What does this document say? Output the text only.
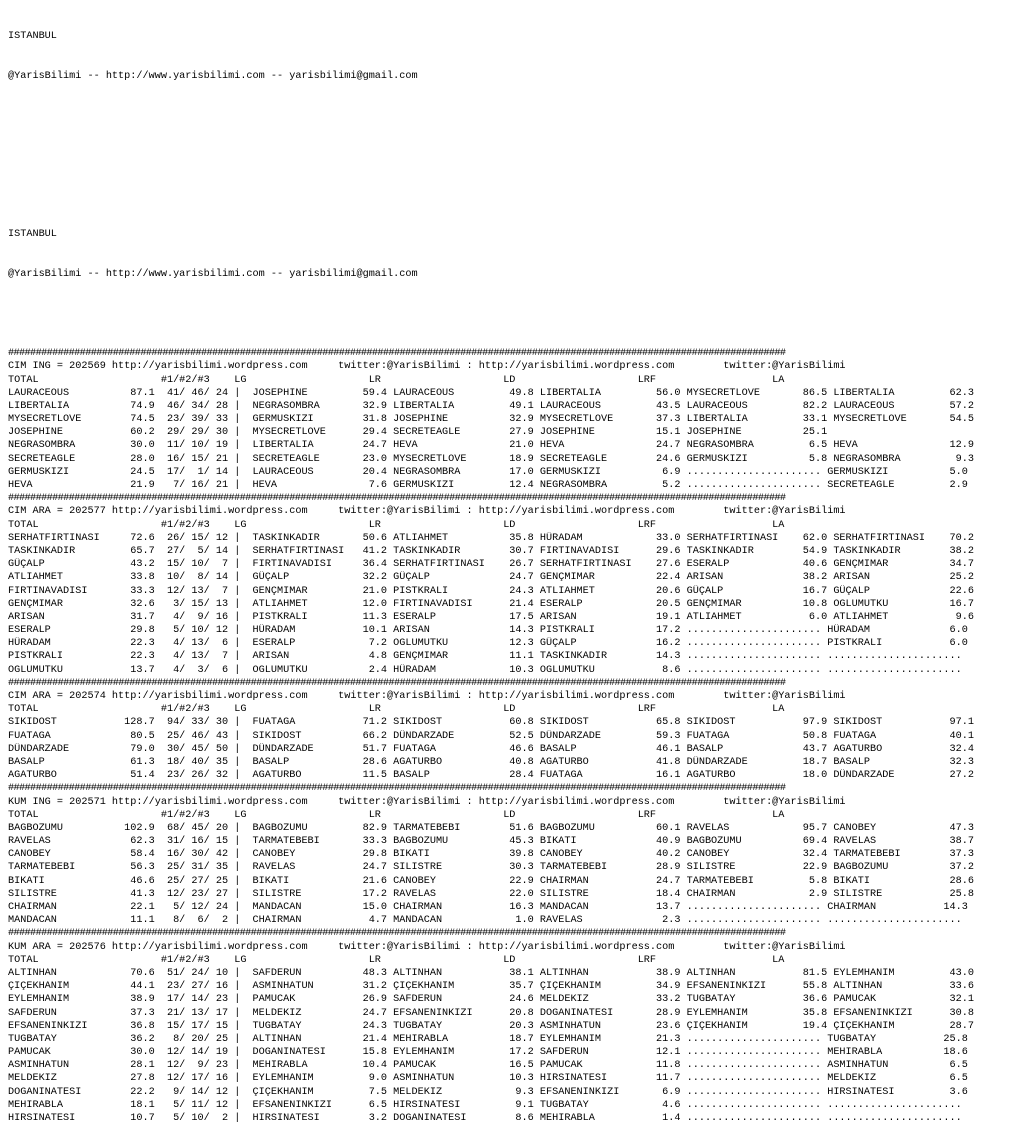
ISTANBUL

@YarisBilimi -- http://www.yarisbilimi.com -- yarisbilimi@gmail.com

ISTANBUL

@YarisBilimi -- http://www.yarisbilimi.com -- yarisbilimi@gmail.com

#############################################################################################################################################
CIM ING = 202569 http://yarisbilimi.wordpress.com     twitter:@YarisBilimi : http://yarisbilimi.wordpress.com        twitter:@YarisBilimi
TOTAL                    #1/#2/#3    LG                    LR                    LD                    LRF                   LA
LAURACEOUS          87.1  41/ 46/ 24 |  JOSEPHINE         59.4 LAURACEOUS         49.8 LIBERTALIA         56.0 MYSECRETLOVE       86.5 LIBERTALIA         62.3
LIBERTALIA          74.9  46/ 34/ 28 |  NEGRASOMBRA       32.9 LIBERTALIA         49.1 LAURACEOUS         43.5 LAURACEOUS         82.2 LAURACEOUS         57.2
MYSECRETLOVE        74.5  23/ 39/ 33 |  GERMUSKIZI        31.8 JOSEPHINE          32.9 MYSECRETLOVE       37.3 LIBERTALIA         33.1 MYSECRETLOVE       54.5
JOSEPHINE           60.2  29/ 29/ 30 |  MYSECRETLOVE      29.4 SECRETEAGLE        27.9 JOSEPHINE          15.1 JOSEPHINE          25.1
NEGRASOMBRA         30.0  11/ 10/ 19 |  LIBERTALIA        24.7 HEVA               21.0 HEVA               24.7 NEGRASOMBRA         6.5 HEVA               12.9
SECRETEAGLE         28.0  16/ 15/ 21 |  SECRETEAGLE       23.0 MYSECRETLOVE       18.9 SECRETEAGLE        24.6 GERMUSKIZI          5.8 NEGRASOMBRA         9.3
GERMUSKIZI          24.5  17/  1/ 14 |  LAURACEOUS        20.4 NEGRASOMBRA        17.0 GERMUSKIZI          6.9 ...................... GERMUSKIZI          5.0
HEVA                21.9   7/ 16/ 21 |  HEVA               7.6 GERMUSKIZI         12.4 NEGRASOMBRA         5.2 ...................... SECRETEAGLE         2.9
#############################################################################################################################################
CIM ARA = 202577 http://yarisbilimi.wordpress.com     twitter:@YarisBilimi : http://yarisbilimi.wordpress.com        twitter:@YarisBilimi
TOTAL                    #1/#2/#3    LG                    LR                    LD                    LRF                   LA
SERHATFIRTINASI     72.6  26/ 15/ 12 |  TASKINKADIR       50.6 ATLIAHMET          35.8 HÜRADAM            33.0 SERHATFIRTINASI    62.0 SERHATFIRTINASI    70.2
TASKINKADIR         65.7  27/  5/ 14 |  SERHATFIRTINASI   41.2 TASKINKADIR        30.7 FIRTINAVADISI      29.6 TASKINKADIR        54.9 TASKINKADIR        38.2
GÜÇALP              43.2  15/ 10/  7 |  FIRTINAVADISI     36.4 SERHATFIRTINASI    26.7 SERHATFIRTINASI    27.6 ESERALP            40.6 GENÇMIMAR          34.7
ATLIAHMET           33.8  10/  8/ 14 |  GÜÇALP            32.2 GÜÇALP             24.7 GENÇMIMAR          22.4 ARISAN             38.2 ARISAN             25.2
FIRTINAVADISI       33.3  12/ 13/  7 |  GENÇMIMAR         21.0 PISTKRALI          24.3 ATLIAHMET          20.6 GÜÇALP             16.7 GÜÇALP             22.6
GENÇMIMAR           32.6   3/ 15/ 13 |  ATLIAHMET         12.0 FIRTINAVADISI      21.4 ESERALP            20.5 GENÇMIMAR          10.8 OGLUMUTKU          16.7
ARISAN              31.7   4/  9/ 16 |  PISTKRALI         11.3 ESERALP            17.5 ARISAN             19.1 ATLIAHMET           6.0 ATLIAHMET           9.6
ESERALP             29.8   5/ 10/ 12 |  HÜRADAM           10.1 ARISAN             14.3 PISTKRALI          17.2 ...................... HÜRADAM             6.0
HÜRADAM             22.3   4/ 13/  6 |  ESERALP            7.2 OGLUMUTKU          12.3 GÜÇALP             16.2 ...................... PISTKRALI           6.0
PISTKRALI           22.3   4/ 13/  7 |  ARISAN             4.8 GENÇMIMAR          11.1 TASKINKADIR        14.3 ...................... ......................
OGLUMUTKU           13.7   4/  3/  6 |  OGLUMUTKU          2.4 HÜRADAM            10.3 OGLUMUTKU           8.6 ...................... ......................
#############################################################################################################################################
CIM ARA = 202574 http://yarisbilimi.wordpress.com     twitter:@YarisBilimi : http://yarisbilimi.wordpress.com        twitter:@YarisBilimi
TOTAL                    #1/#2/#3    LG                    LR                    LD                    LRF                   LA
SIKIDOST           128.7  94/ 33/ 30 |  FUATAGA           71.2 SIKIDOST           60.8 SIKIDOST           65.8 SIKIDOST           97.9 SIKIDOST           97.1
FUATAGA             80.5  25/ 46/ 43 |  SIKIDOST          66.2 DÜNDARZADE         52.5 DÜNDARZADE         59.3 FUATAGA            50.8 FUATAGA            40.1
DÜNDARZADE          79.0  30/ 45/ 50 |  DÜNDARZADE        51.7 FUATAGA            46.6 BASALP             46.1 BASALP             43.7 AGATURBO           32.4
BASALP              61.3  18/ 40/ 35 |  BASALP            28.6 AGATURBO           40.8 AGATURBO           41.8 DÜNDARZADE         18.7 BASALP             32.3
AGATURBO            51.4  23/ 26/ 32 |  AGATURBO          11.5 BASALP             28.4 FUATAGA            16.1 AGATURBO           18.0 DÜNDARZADE         27.2
#############################################################################################################################################
KUM ING = 202571 http://yarisbilimi.wordpress.com     twitter:@YarisBilimi : http://yarisbilimi.wordpress.com        twitter:@YarisBilimi
TOTAL                    #1/#2/#3    LG                    LR                    LD                    LRF                   LA
BAGBOZUMU          102.9  68/ 45/ 20 |  BAGBOZUMU         82.9 TARMATEBEBI        51.6 BAGBOZUMU          60.1 RAVELAS            95.7 CANOBEY            47.3
RAVELAS             62.3  31/ 16/ 15 |  TARMATEBEBI       33.3 BAGBOZUMU          45.3 BIKATI             40.9 BAGBOZUMU          69.4 RAVELAS            38.7
CANOBEY             58.4  16/ 30/ 42 |  CANOBEY           29.8 BIKATI             39.8 CANOBEY            40.2 CANOBEY            32.4 TARMATEBEBI        37.3
TARMATEBEBI         56.3  25/ 31/ 35 |  RAVELAS           24.7 SILISTRE           30.3 TARMATEBEBI        28.9 SILISTRE           22.9 BAGBOZUMU          37.2
BIKATI              46.6  25/ 27/ 25 |  BIKATI            21.6 CANOBEY            22.9 CHAIRMAN           24.7 TARMATEBEBI         5.8 BIKATI             28.6
SILISTRE            41.3  12/ 23/ 27 |  SILISTRE          17.2 RAVELAS            22.0 SILISTRE           18.4 CHAIRMAN            2.9 SILISTRE           25.8
CHAIRMAN            22.1   5/ 12/ 24 |  MANDACAN          15.0 CHAIRMAN           16.3 MANDACAN           13.7 ...................... CHAIRMAN           14.3
MANDACAN            11.1   8/  6/  2 |  CHAIRMAN           4.7 MANDACAN            1.0 RAVELAS             2.3 ...................... ......................
#############################################################################################################################################
KUM ARA = 202576 http://yarisbilimi.wordpress.com     twitter:@YarisBilimi : http://yarisbilimi.wordpress.com        twitter:@YarisBilimi
TOTAL                    #1/#2/#3    LG                    LR                    LD                    LRF                   LA
ALTINHAN            70.6  51/ 24/ 10 |  SAFDERUN          48.3 ALTINHAN           38.1 ALTINHAN           38.9 ALTINHAN           81.5 EYLEMHANIM         43.0
ÇIÇEKHANIM          44.1  23/ 27/ 16 |  ASMINHATUN        31.2 ÇIÇEKHANIM         35.7 ÇIÇEKHANIM         34.9 EFSANENINKIZI      55.8 ALTINHAN           33.6
EYLEMHANIM          38.9  17/ 14/ 23 |  PAMUCAK           26.9 SAFDERUN           24.6 MELDEKIZ           33.2 TUGBATAY           36.6 PAMUCAK            32.1
SAFDERUN            37.3  21/ 13/ 17 |  MELDEKIZ          24.7 EFSANENINKIZI      20.8 DOGANINATESI       28.9 EYLEMHANIM         35.8 EFSANENINKIZI      30.8
EFSANENINKIZI       36.8  15/ 17/ 15 |  TUGBATAY          24.3 TUGBATAY           20.3 ASMINHATUN         23.6 ÇIÇEKHANIM         19.4 ÇIÇEKHANIM         28.7
TUGBATAY            36.2   8/ 20/ 25 |  ALTINHAN          21.4 MEHIRABLA          18.7 EYLEMHANIM         21.3 ...................... TUGBATAY           25.8
PAMUCAK             30.0  12/ 14/ 19 |  DOGANINATESI      15.8 EYLEMHANIM         17.2 SAFDERUN           12.1 ...................... MEHIRABLA          18.6
ASMINHATUN          28.1  12/  9/ 23 |  MEHIRABLA         10.4 PAMUCAK            16.5 PAMUCAK            11.8 ...................... ASMINHATUN          6.5
MELDEKIZ            27.8  12/ 17/ 16 |  EYLEMHANIM         9.0 ASMINHATUN         10.3 HIRSINATESI        11.7 ...................... MELDEKIZ            6.5
DOGANINATESI        22.2   9/ 14/ 12 |  ÇIÇEKHANIM         7.5 MELDEKIZ            9.3 EFSANENINKIZI       6.9 ...................... HIRSINATESI         3.6
MEHIRABLA           18.1   5/ 11/ 12 |  EFSANENINKIZI      6.5 HIRSINATESI         9.1 TUGBATAY            4.6 ...................... ......................
HIRSINATESI         10.7   5/ 10/  2 |  HIRSINATESI        3.2 DOGANINATESI        8.6 MEHIRABLA           1.4 ...................... ......................
